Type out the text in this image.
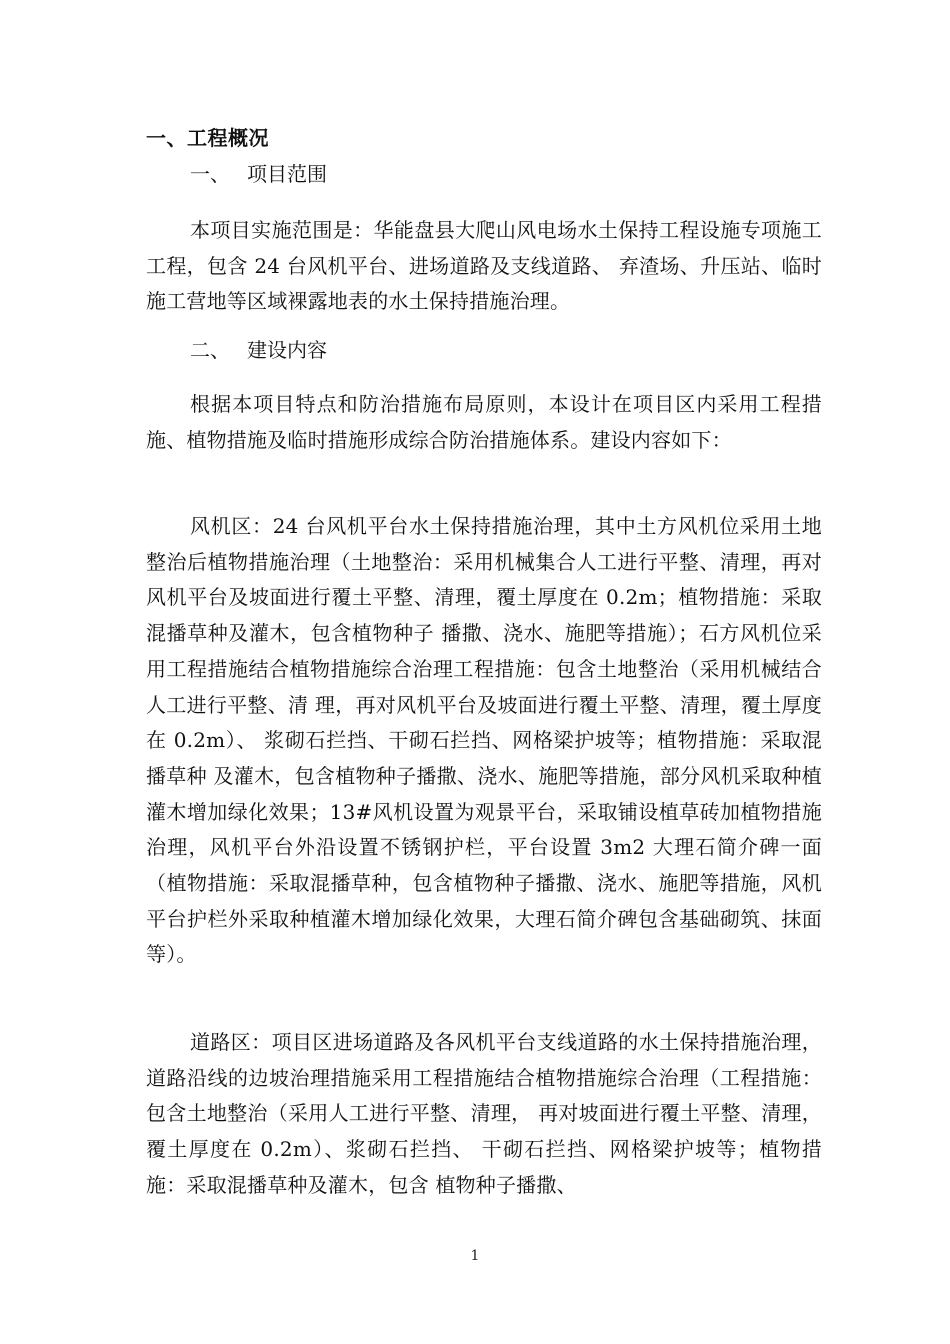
一、工程概况
一、 项目范围

本项目实施范围是：华能盘县大爬山风电场水土保持工程设施专项施工工程，包含 24 台风机平台、进场道路及支线道路、 弃渣场、升压站、临时施工营地等区域裸露地表的水土保持措施治理。

二、 建设内容

根据本项目特点和防治措施布局原则，本设计在项目区内采用工程措施、植物措施及临时措施形成综合防治措施体系。建设内容如下：

风机区：24 台风机平台水土保持措施治理，其中土方风机位采用土地整治后植物措施治理（土地整治：采用机械集合人工进行平整、清理，再对风机平台及坡面进行覆土平整、清理，覆土厚度在 0.2m；植物措施：采取混播草种及灌木，包含植物种子 播撒、浇水、施肥等措施）；石方风机位采用工程措施结合植物措施综合治理工程措施：包含土地整治（采用机械结合人工进行平整、清 理，再对风机平台及坡面进行覆土平整、清理，覆土厚度在 0.2m）、 浆砌石拦挡、干砌石拦挡、网格梁护坡等；植物措施：采取混播草种 及灌木，包含植物种子播撒、浇水、施肥等措施，部分风机采取种植灌木增加绿化效果；13#风机设置为观景平台，采取铺设植草砖加植物措施治理，风机平台外沿设置不锈钢护栏，平台设置 3m2 大理石简介碑一面（植物措施：采取混播草种，包含植物种子播撒、浇水、施肥等措施，风机平台护栏外采取种植灌木增加绿化效果，大理石简介碑包含基础砌筑、抹面等）。

道路区：项目区进场道路及各风机平台支线道路的水土保持措施治理，道路沿线的边坡治理措施采用工程措施结合植物措施综合治理（工程措施：包含土地整治（采用人工进行平整、清理， 再对坡面进行覆土平整、清理，覆土厚度在 0.2m）、浆砌石拦挡、 干砌石拦挡、网格梁护坡等；植物措施：采取混播草种及灌木，包含 植物种子播撒、

1
